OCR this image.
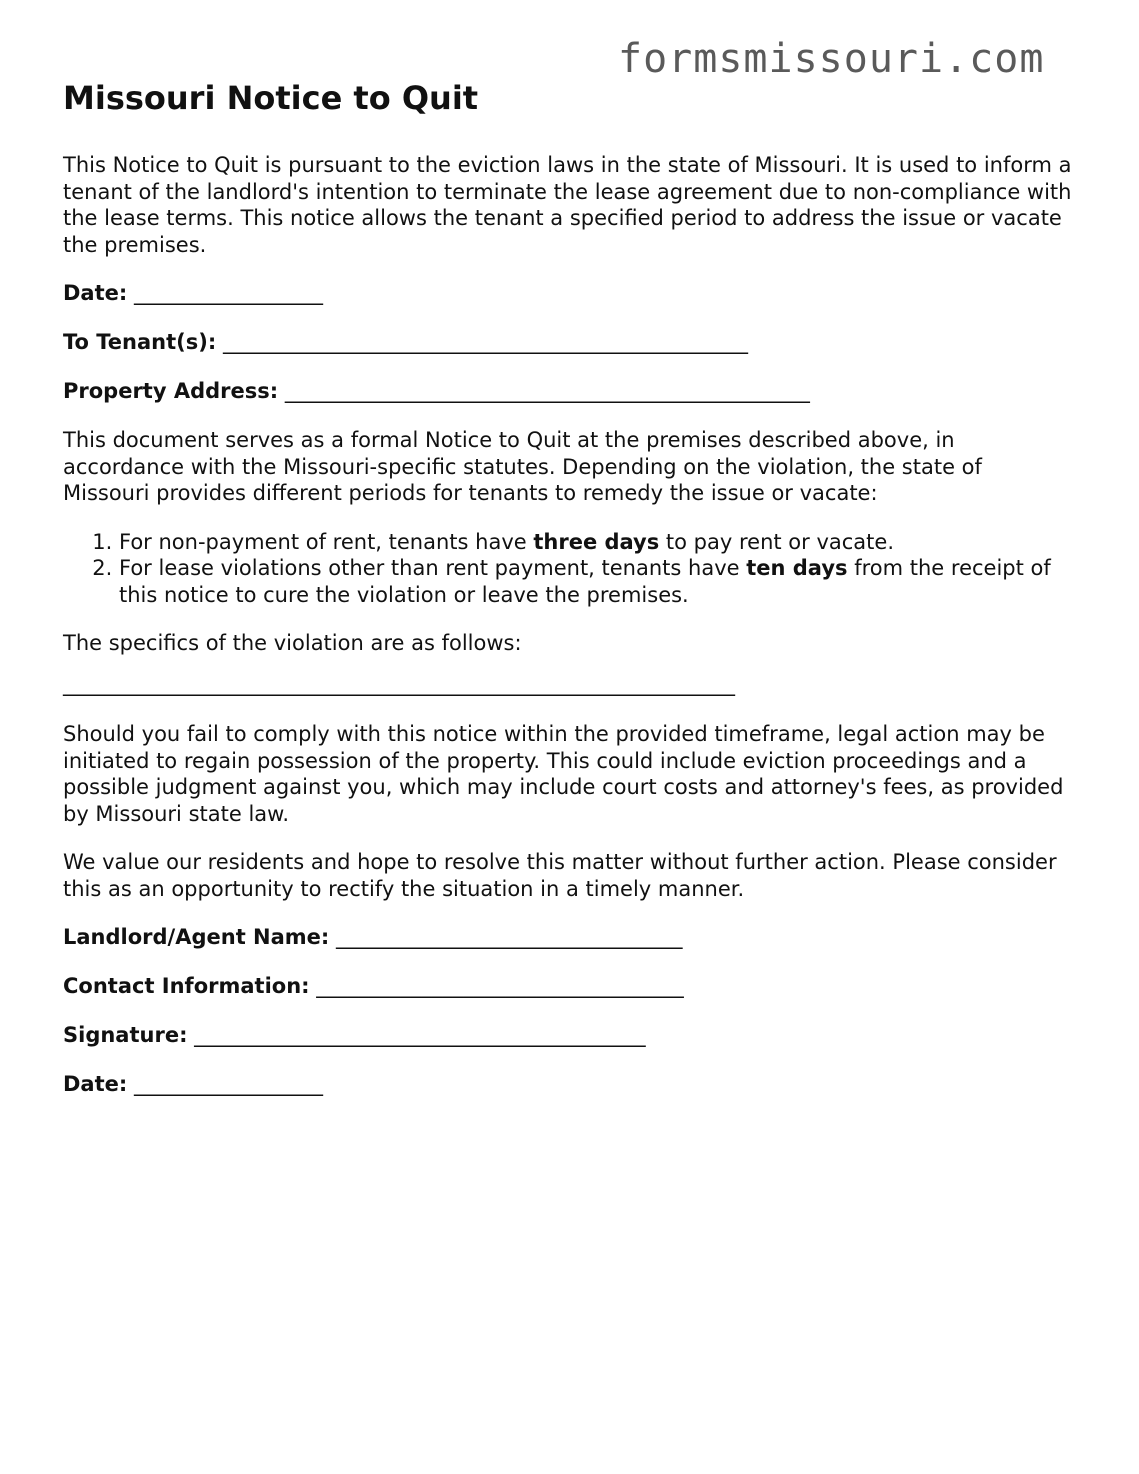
formsmissouri.com
Missouri Notice to Quit

This Notice to Quit is pursuant to the eviction laws in the state of Missouri. It is used to inform a tenant of the landlord's intention to terminate the lease agreement due to non-compliance with the lease terms. This notice allows the tenant a specified period to address the issue or vacate the premises.

Date: __________________
To Tenant(s): __________________________________________________
Property Address: __________________________________________________

This document serves as a formal Notice to Quit at the premises described above, in accordance with the Missouri-specific statutes. Depending on the violation, the state of Missouri provides different periods for tenants to remedy the issue or vacate:

1. For non-payment of rent, tenants have three days to pay rent or vacate.
2. For lease violations other than rent payment, tenants have ten days from the receipt of this notice to cure the violation or leave the premises.

The specifics of the violation are as follows:

________________________________________________________________

Should you fail to comply with this notice within the provided timeframe, legal action may be initiated to regain possession of the property. This could include eviction proceedings and a possible judgment against you, which may include court costs and attorney's fees, as provided by Missouri state law.

We value our residents and hope to resolve this matter without further action. Please consider this as an opportunity to rectify the situation in a timely manner.

Landlord/Agent Name: _________________________________
Contact Information: ___________________________________
Signature: ___________________________________________
Date: __________________
